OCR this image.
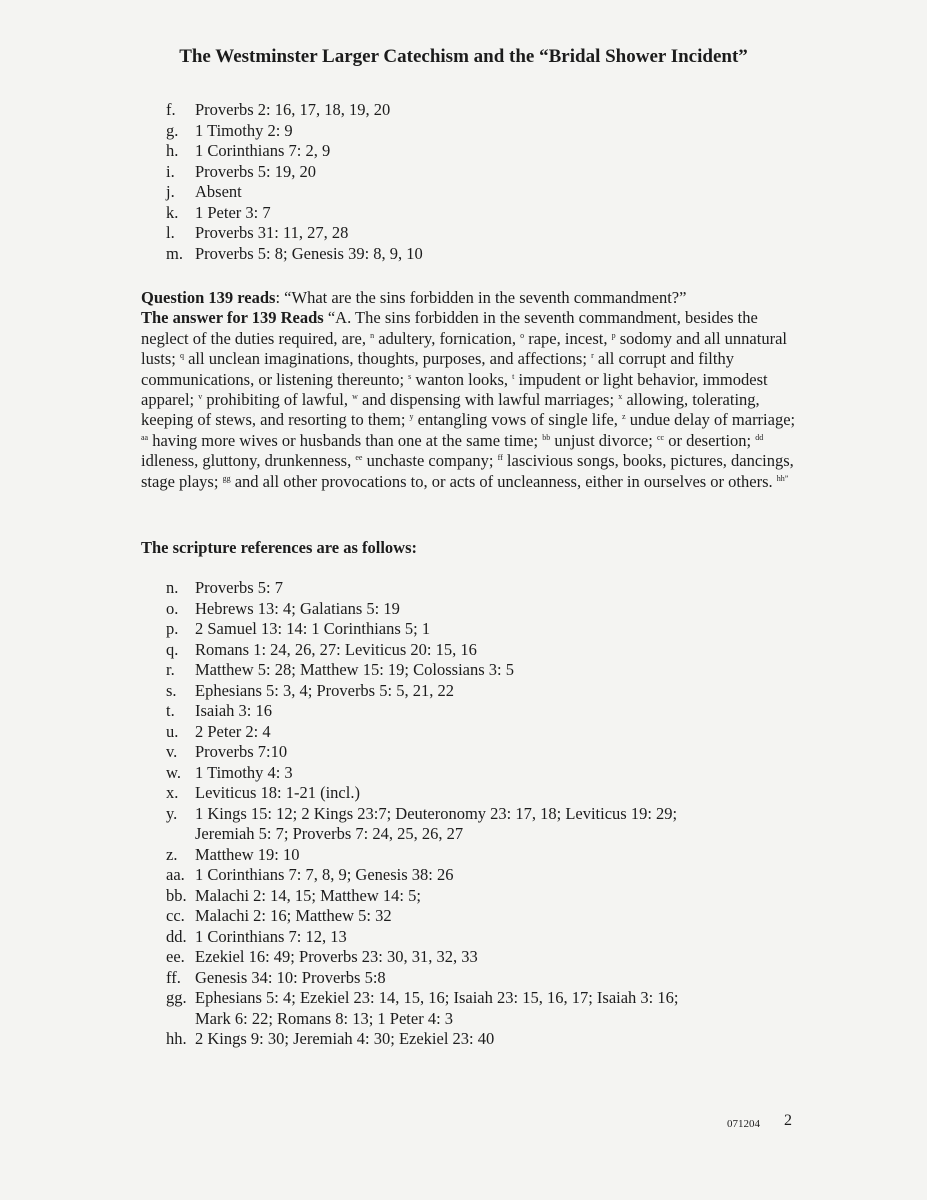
The Westminster Larger Catechism and the “Bridal Shower Incident”
f.	Proverbs 2: 16, 17, 18, 19, 20
g.	1 Timothy 2: 9
h.	1 Corinthians 7: 2, 9
i.	Proverbs 5: 19, 20
j.	Absent
k.	1 Peter 3: 7
l.	Proverbs 31: 11, 27, 28
m. Proverbs 5: 8; Genesis 39: 8, 9, 10

Question 139 reads: “What are the sins forbidden in the seventh commandment?”

The answer for 139 Reads “A. The sins forbidden in the seventh commandment, besides the neglect of the duties required, are, $^n$ adultery, fornication, $^o$ rape, incest, $^p$ sodomy and all unnatural lusts; $^q$ all unclean imaginations, thoughts, purposes, and affections; $^r$ all corrupt and filthy communications, or listening thereunto; $^s$ wanton looks, $^t$ impudent or light behavior, immodest apparel; $^v$ prohibiting of lawful, $^w$ and dispensing with lawful marriages; $^x$ allowing, tolerating, keeping of stews, and resorting to them; $^y$ entangling vows of single life, $^z$ undue delay of marriage; $^{aa}$ having more wives or husbands than one at the same time; $^{bb}$ unjust divorce; $^{cc}$ or desertion; $^{dd}$ idleness, gluttony, drunkenness, $^{ee}$ unchaste company; $^{ff}$ lascivious songs, books, pictures, dancings, stage plays; $^{gg}$ and all other provocations to, or acts of uncleanness, either in ourselves or others. $^{hh”}$

The scripture references are as follows:
n.	Proverbs 5: 7
o.	Hebrews 13: 4; Galatians 5: 19
p.	2 Samuel 13: 14: 1 Corinthians 5; 1
q.	Romans 1: 24, 26, 27: Leviticus 20: 15, 16
r.	Matthew 5: 28; Matthew 15: 19; Colossians 3: 5
s.	Ephesians 5: 3, 4; Proverbs 5: 5, 21, 22
t.	Isaiah 3: 16
u.	2 Peter 2: 4
v.	Proverbs 7:10
w. 1 Timothy 4: 3
x.	Leviticus 18: 1-21 (incl.)
y.	1 Kings 15: 12; 2 Kings 23:7; Deuteronomy 23: 17, 18; Leviticus 19: 29;
Jeremiah 5: 7; Proverbs 7: 24, 25, 26, 27
z.	Matthew 19: 10
aa. 1 Corinthians 7: 7, 8, 9; Genesis 38: 26
bb. Malachi 2: 14, 15; Matthew 14: 5;
cc. Malachi 2: 16; Matthew 5: 32
dd. 1 Corinthians 7: 12, 13
ee. Ezekiel 16: 49; Proverbs 23: 30, 31, 32, 33
ff. Genesis 34: 10: Proverbs 5:8
gg. Ephesians 5: 4; Ezekiel 23: 14, 15, 16; Isaiah 23: 15, 16, 17; Isaiah 3: 16;
Mark 6: 22; Romans 8: 13; 1 Peter 4: 3
hh. 2 Kings 9: 30; Jeremiah 4: 30; Ezekiel 23: 40
071204 2
